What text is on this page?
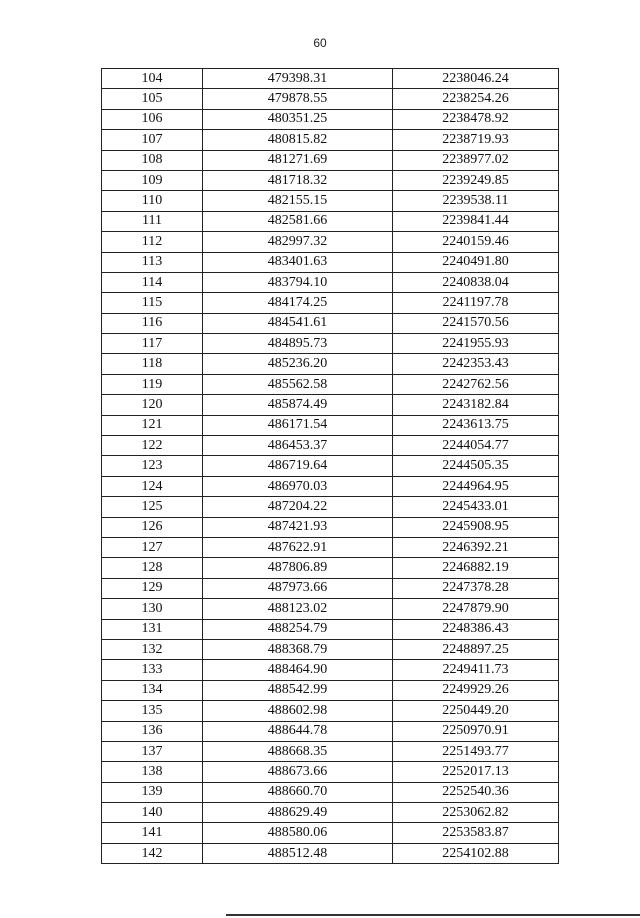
60
104	479398.31	2238046.24
105	479878.55	2238254.26
106	480351.25	2238478.92
107	480815.82	2238719.93
108	481271.69	2238977.02
109	481718.32	2239249.85
110	482155.15	2239538.11
111	482581.66	2239841.44
112	482997.32	2240159.46
113	483401.63	2240491.80
114	483794.10	2240838.04
115	484174.25	2241197.78
116	484541.61	2241570.56
117	484895.73	2241955.93
118	485236.20	2242353.43
119	485562.58	2242762.56
120	485874.49	2243182.84
121	486171.54	2243613.75
122	486453.37	2244054.77
123	486719.64	2244505.35
124	486970.03	2244964.95
125	487204.22	2245433.01
126	487421.93	2245908.95
127	487622.91	2246392.21
128	487806.89	2246882.19
129	487973.66	2247378.28
130	488123.02	2247879.90
131	488254.79	2248386.43
132	488368.79	2248897.25
133	488464.90	2249411.73
134	488542.99	2249929.26
135	488602.98	2250449.20
136	488644.78	2250970.91
137	488668.35	2251493.77
138	488673.66	2252017.13
139	488660.70	2252540.36
140	488629.49	2253062.82
141	488580.06	2253583.87
142	488512.48	2254102.88
